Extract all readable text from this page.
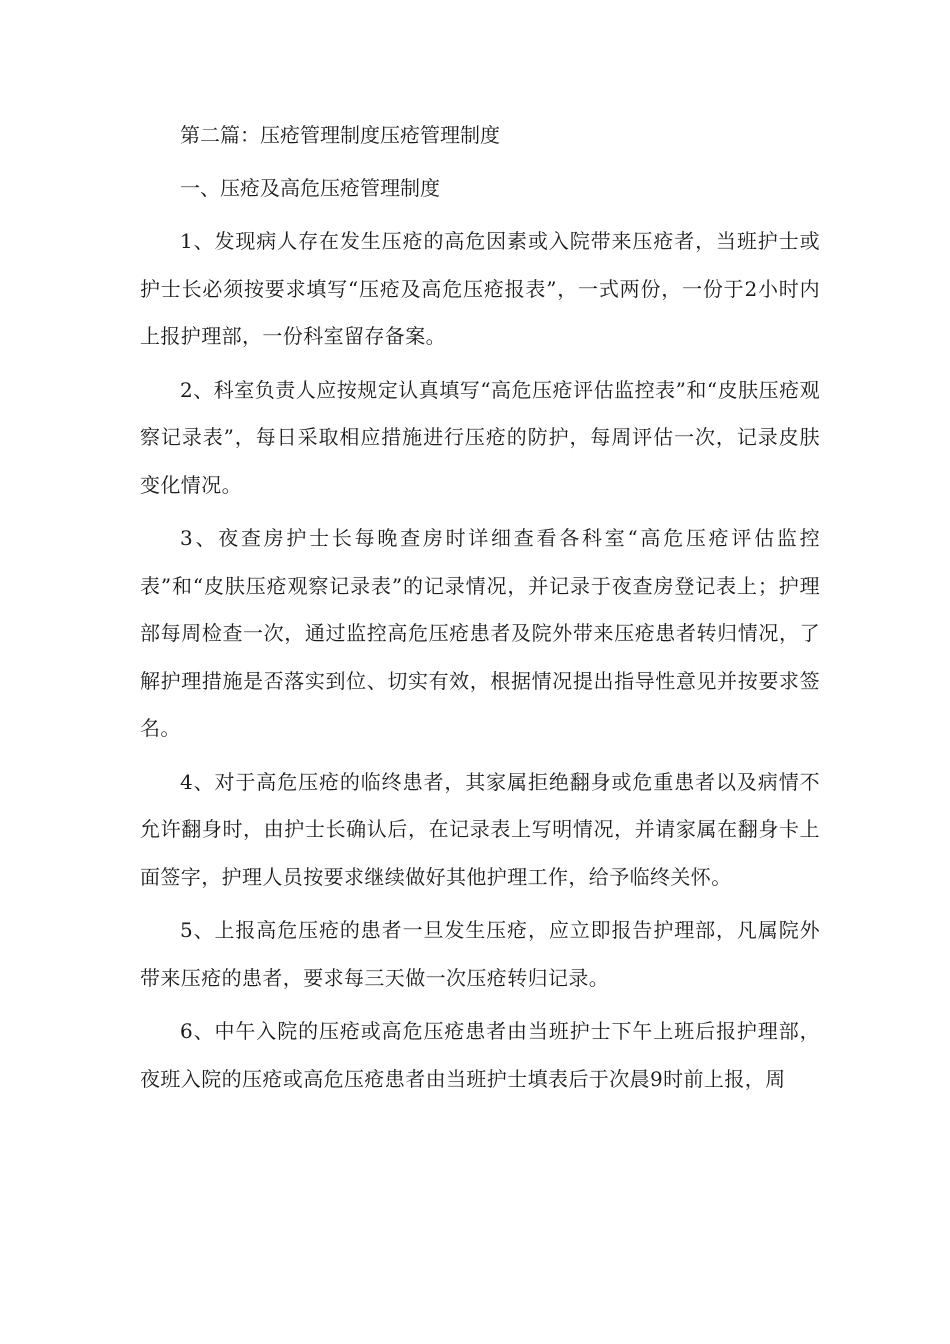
第二篇：压疮管理制度压疮管理制度

一、压疮及高危压疮管理制度

1、发现病人存在发生压疮的高危因素或入院带来压疮者，当班护士或护士长必须按要求填写“压疮及高危压疮报表”，一式两份，一份于2小时内上报护理部，一份科室留存备案。

2、科室负责人应按规定认真填写“高危压疮评估监控表”和“皮肤压疮观察记录表”，每日采取相应措施进行压疮的防护，每周评估一次，记录皮肤变化情况。

3、夜查房护士长每晚查房时详细查看各科室“高危压疮评估监控表”和“皮肤压疮观察记录表”的记录情况，并记录于夜查房登记表上；护理部每周检查一次，通过监控高危压疮患者及院外带来压疮患者转归情况，了解护理措施是否落实到位、切实有效，根据情况提出指导性意见并按要求签名。

4、对于高危压疮的临终患者，其家属拒绝翻身或危重患者以及病情不允许翻身时，由护士长确认后，在记录表上写明情况，并请家属在翻身卡上面签字，护理人员按要求继续做好其他护理工作，给予临终关怀。

5、上报高危压疮的患者一旦发生压疮，应立即报告护理部，凡属院外带来压疮的患者，要求每三天做一次压疮转归记录。

6、中午入院的压疮或高危压疮患者由当班护士下午上班后报护理部，夜班入院的压疮或高危压疮患者由当班护士填表后于次晨9时前上报，周
